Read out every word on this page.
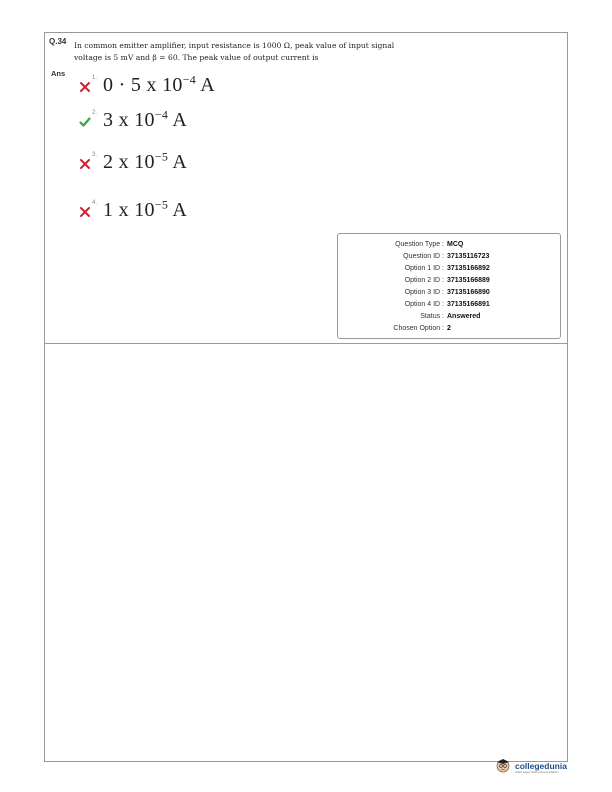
Q.34 In common emitter amplifier, input resistance is 1000 Ω, peak value of input signal
voltage is 5 mV and β = 60. The peak value of output current is
Ans	1. 0 · 5 x $10^{-4}$ A
2. 3 x $10^{-4}$ A
3. 2 x $10^{-5}$ A
4. 1 x $10^{-5}$ A
Question Type : MCQ
Question ID : 37135116723
Option 1 ID : 37135166892
Option 2 ID : 37135166889
Option 3 ID : 37135166890
Option 4 ID : 37135166891
Status : Answered
Chosen Option : 2
collegedunia
India's largest Student Review Platform
